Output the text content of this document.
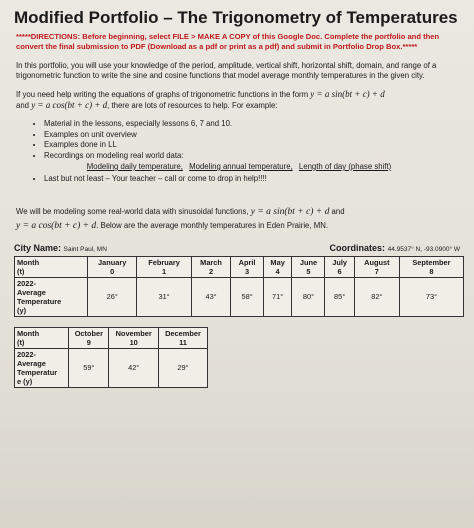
Modified Portfolio – The Trigonometry of Temperatures

*****DIRECTIONS: Before beginning, select FILE > MAKE A COPY of this Google Doc. Complete the portfolio and then convert the final submission to PDF (Download as a pdf or print as a pdf) and submit in Portfolio Drop Box.*****

In this portfolio, you will use your knowledge of the period, amplitude, vertical shift, horizontal shift, domain, and range of a trigonometric function to write the sine and cosine functions that model average monthly temperatures in the given city.

If you need help writing the equations of graphs of trigonometric functions in the form y = a sin(bt + c) + d
and y = a cos(bt + c) + d, there are lots of resources to help. For example:

• Material in the lessons, especially lessons 6, 7 and 10.
• Examples on unit overview
• Examples done in LL
• Recordings on modeling real world data:
Modeling daily temperature, Modeling annual temperature, Length of day (phase shift)
• Last but not least – Your teacher – call or come to drop in help!!!!

We will be modeling some real-world data with sinusoidal functions, y = a sin(bt + c) + d and
y = a cos(bt + c) + d. Below are the average monthly temperatures in Eden Prairie, MN.

City Name: Saint Paul, MN	Coordinates: 44.9537° N, -93.0900° W
Month
(t)	January
0	February
1	March
2	April
3	May
4	June
5	July
6	August
7	September
8
2022-
Average
Temperature
(y)	26°	31°	43°	58°	71°	80°	85°	82°	73°
Month
(t)	October
9	November
10	December
11
2022-
Average
Temperatur
e (y)	59°	42°	29°
